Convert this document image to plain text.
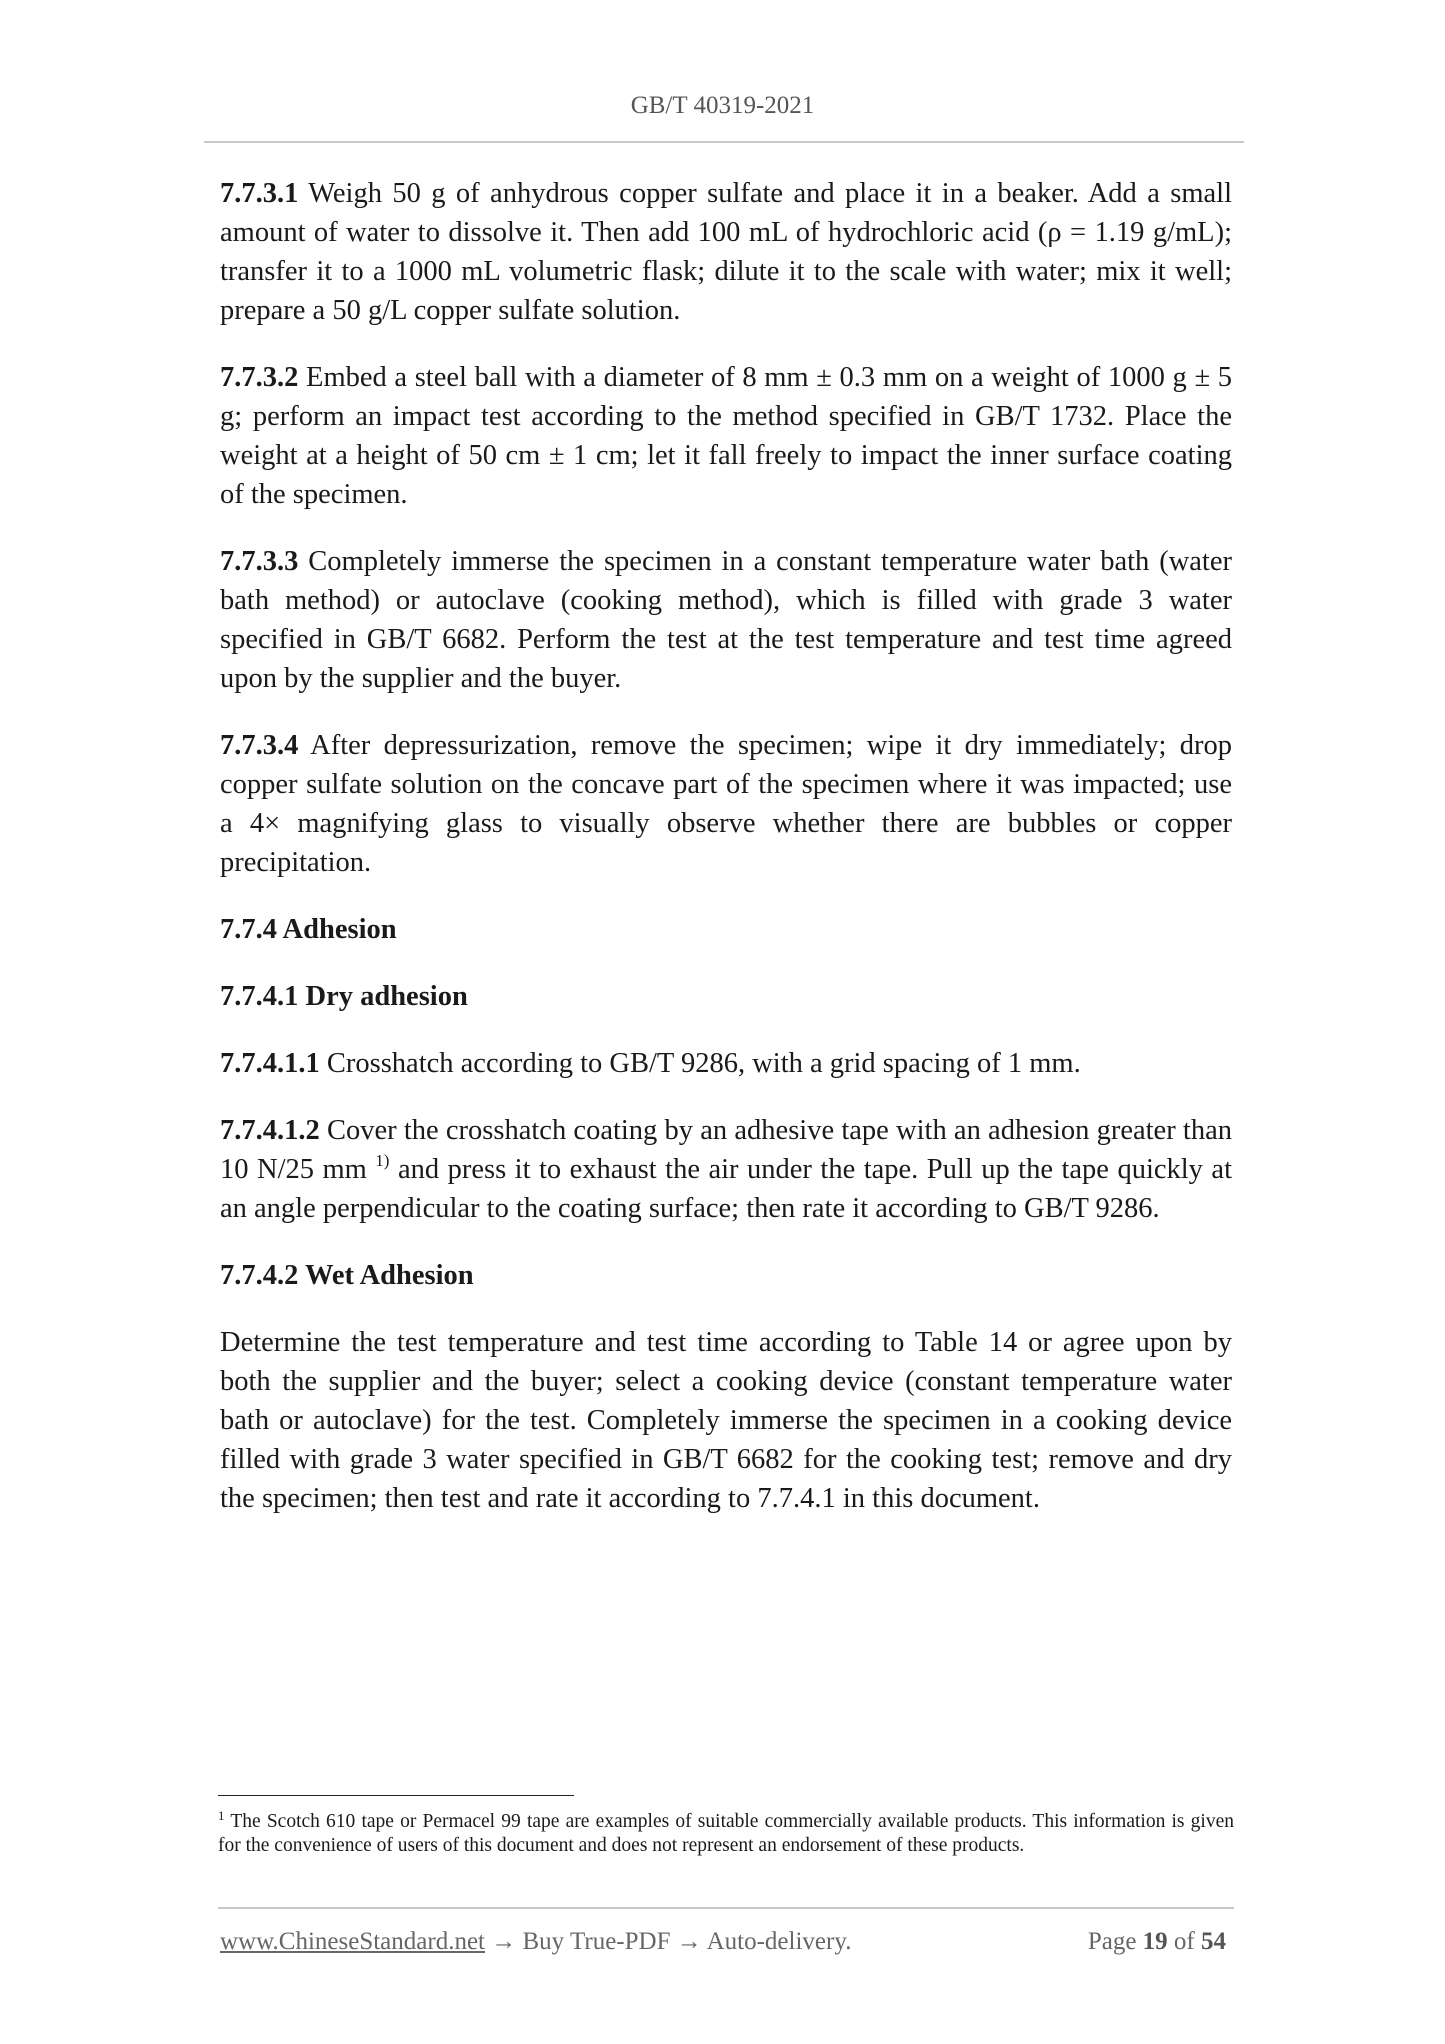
GB/T 40319-2021

7.7.3.1 Weigh 50 g of anhydrous copper sulfate and place it in a beaker. Add a small amount of water to dissolve it. Then add 100 mL of hydrochloric acid (ρ = 1.19 g/mL); transfer it to a 1000 mL volumetric flask; dilute it to the scale with water; mix it well; prepare a 50 g/L copper sulfate solution.

7.7.3.2 Embed a steel ball with a diameter of 8 mm ± 0.3 mm on a weight of 1000 g ± 5 g; perform an impact test according to the method specified in GB/T 1732. Place the weight at a height of 50 cm ± 1 cm; let it fall freely to impact the inner surface coating of the specimen.

7.7.3.3 Completely immerse the specimen in a constant temperature water bath (water bath method) or autoclave (cooking method), which is filled with grade 3 water specified in GB/T 6682. Perform the test at the test temperature and test time agreed upon by the supplier and the buyer.

7.7.3.4 After depressurization, remove the specimen; wipe it dry immediately; drop copper sulfate solution on the concave part of the specimen where it was impacted; use a 4× magnifying glass to visually observe whether there are bubbles or copper precipitation.

7.7.4 Adhesion

7.7.4.1 Dry adhesion

7.7.4.1.1 Crosshatch according to GB/T 9286, with a grid spacing of 1 mm.

7.7.4.1.2 Cover the crosshatch coating by an adhesive tape with an adhesion greater than 10 N/25 mm $^{1)}$ and press it to exhaust the air under the tape. Pull up the tape quickly at an angle perpendicular to the coating surface; then rate it according to GB/T 9286.

7.7.4.2 Wet Adhesion

Determine the test temperature and test time according to Table 14 or agree upon by both the supplier and the buyer; select a cooking device (constant temperature water bath or autoclave) for the test. Completely immerse the specimen in a cooking device filled with grade 3 water specified in GB/T 6682 for the cooking test; remove and dry the specimen; then test and rate it according to 7.7.4.1 in this document.

$^1$ The Scotch 610 tape or Permacel 99 tape are examples of suitable commercially available products. This information is given for the convenience of users of this document and does not represent an endorsement of these products.
www.ChineseStandard.net → Buy True-PDF → Auto-delivery.	Page 19 of 54
